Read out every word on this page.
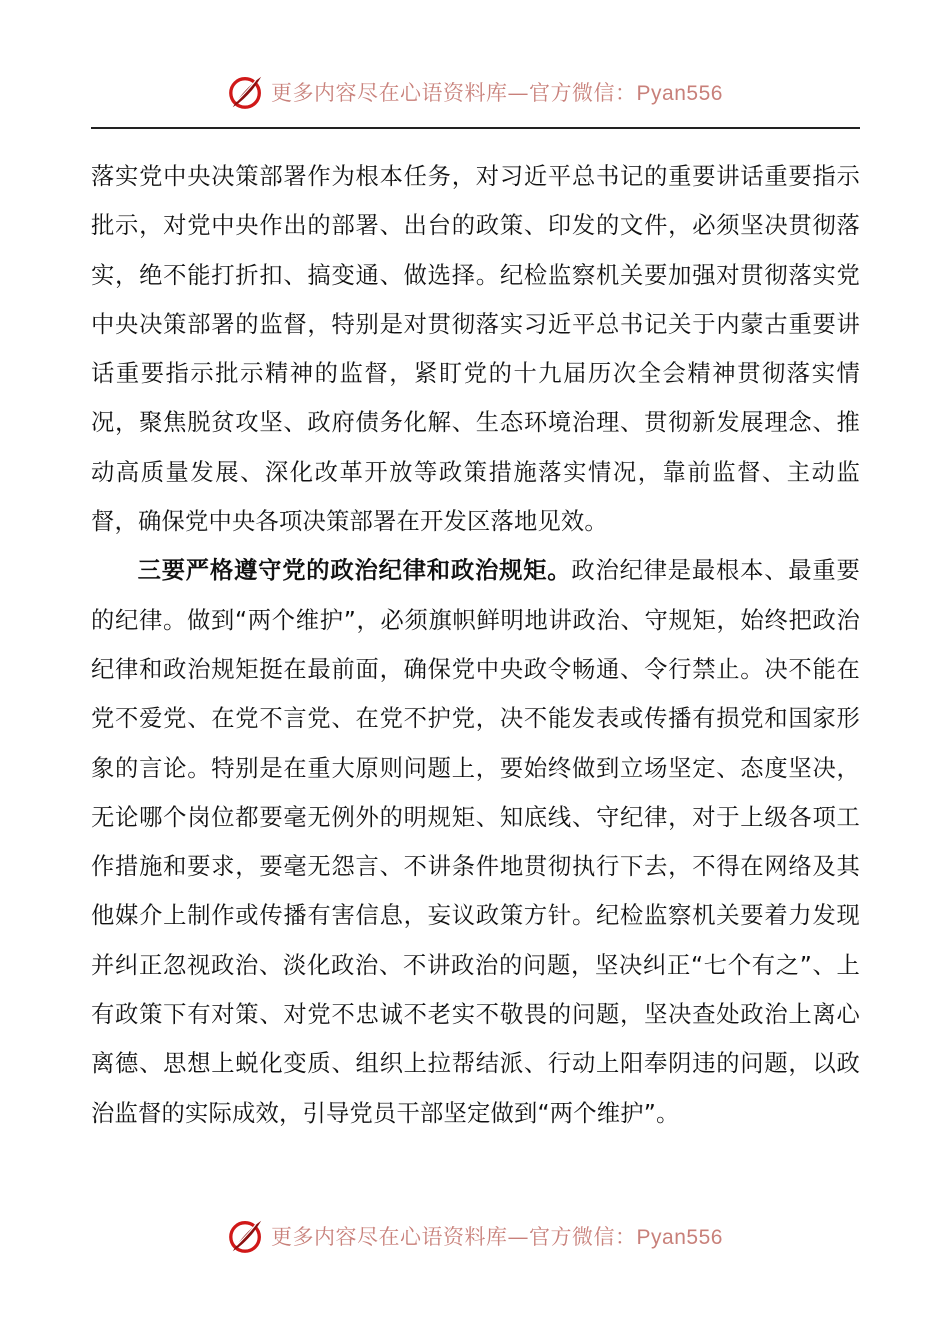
更多内容尽在心语资料库—官方微信：Pyan556

落实党中央决策部署作为根本任务，对习近平总书记的重要讲话重要指示批示，对党中央作出的部署、出台的政策、印发的文件，必须坚决贯彻落实，绝不能打折扣、搞变通、做选择。纪检监察机关要加强对贯彻落实党中央决策部署的监督，特别是对贯彻落实习近平总书记关于内蒙古重要讲话重要指示批示精神的监督，紧盯党的十九届历次全会精神贯彻落实情况，聚焦脱贫攻坚、政府债务化解、生态环境治理、贯彻新发展理念、推动高质量发展、深化改革开放等政策措施落实情况，靠前监督、主动监督，确保党中央各项决策部署在开发区落地见效。

三要严格遵守党的政治纪律和政治规矩。政治纪律是最根本、最重要的纪律。做到“两个维护”，必须旗帜鲜明地讲政治、守规矩，始终把政治纪律和政治规矩挺在最前面，确保党中央政令畅通、令行禁止。决不能在党不爱党、在党不言党、在党不护党，决不能发表或传播有损党和国家形象的言论。特别是在重大原则问题上，要始终做到立场坚定、态度坚决，无论哪个岗位都要毫无例外的明规矩、知底线、守纪律，对于上级各项工作措施和要求，要毫无怨言、不讲条件地贯彻执行下去，不得在网络及其他媒介上制作或传播有害信息，妄议政策方针。纪检监察机关要着力发现并纠正忽视政治、淡化政治、不讲政治的问题，坚决纠正“七个有之”、上有政策下有对策、对党不忠诚不老实不敬畏的问题，坚决查处政治上离心离德、思想上蜕化变质、组织上拉帮结派、行动上阳奉阴违的问题，以政治监督的实际成效，引导党员干部坚定做到“两个维护”。

更多内容尽在心语资料库—官方微信：Pyan556
